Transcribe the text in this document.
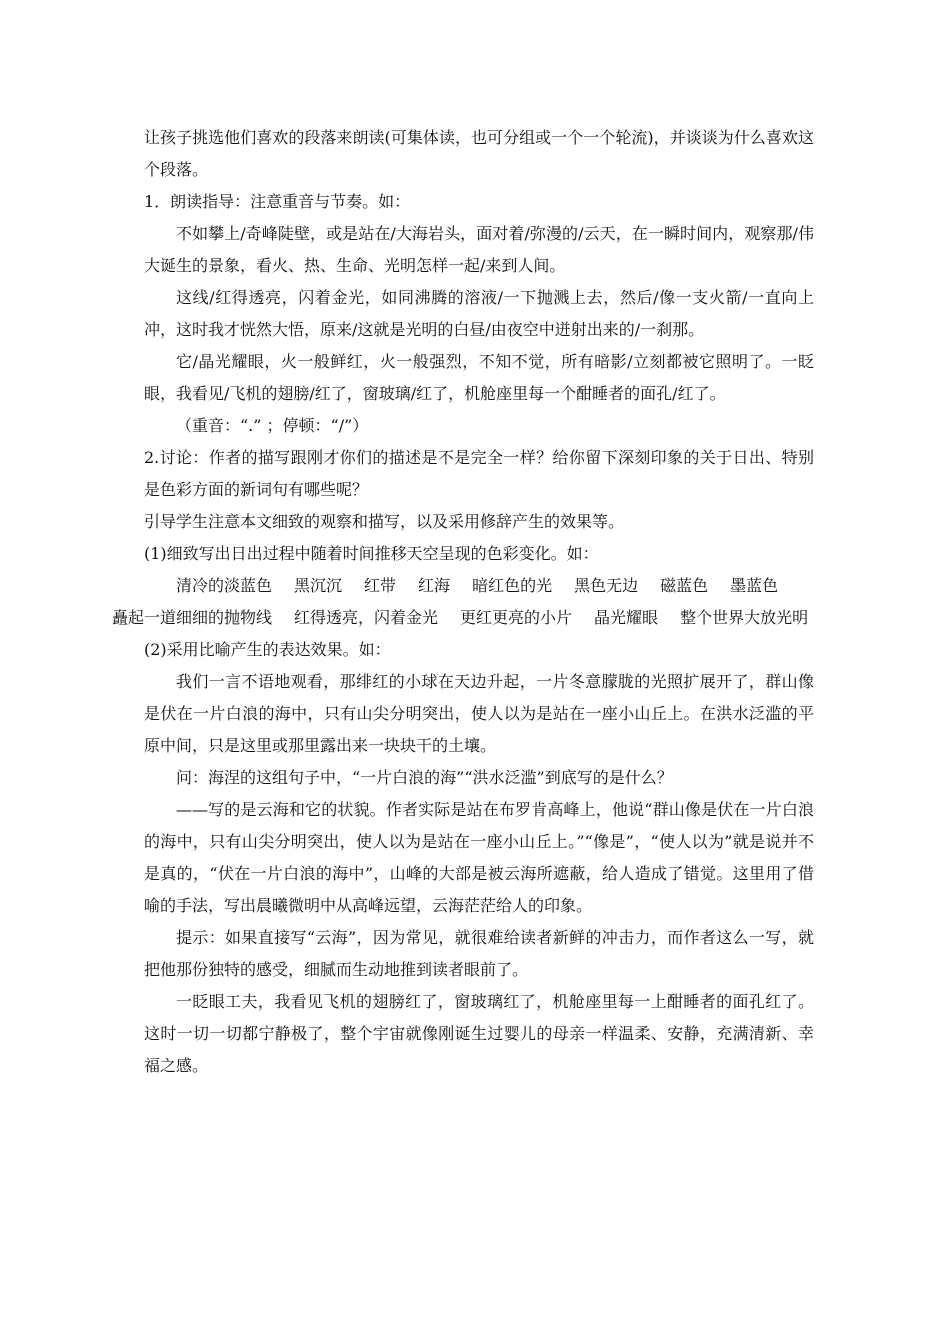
让孩子挑选他们喜欢的段落来朗读(可集体读，也可分组或一个一个轮流)，并谈谈为什么喜欢这个段落。

1．朗读指导：注意重音与节奏。如：

不如攀上/奇峰陡壁，或是站在/大海岩头，面对着/弥漫的/云天，在一瞬时间内，观察那/伟大诞生的景象，看火、热、生命、光明怎样一起/来到人间。

这线/红得透亮，闪着金光，如同沸腾的溶液/一下抛溅上去，然后/像一支火箭/一直向上冲，这时我才恍然大悟，原来/这就是光明的白昼/由夜空中迸射出来的/一刹那。

它/晶光耀眼，火一般鲜红，火一般强烈，不知不觉，所有暗影/立刻都被它照明了。一眨眼，我看见/飞机的翅膀/红了，窗玻璃/红了，机舱座里每一个酣睡者的面孔/红了。

（重音：“.” ；停顿：“/”）

2.讨论：作者的描写跟刚才你们的描述是不是完全一样？给你留下深刻印象的关于日出、特别是色彩方面的新词句有哪些呢？

引导学生注意本文细致的观察和描写，以及采用修辞产生的效果等。

(1)细致写出日出过程中随着时间推移天空呈现的色彩变化。如：

清冷的淡蓝色 黑沉沉 红带 红海 暗红色的光 黑色无边 磁蓝色 墨蓝色
矗起一道细细的抛物线 红得透亮，闪着金光 更红更亮的小片 晶光耀眼 整个世界大放光明

(2)采用比喻产生的表达效果。如：

我们一言不语地观看，那绯红的小球在天边升起，一片冬意朦胧的光照扩展开了，群山像是伏在一片白浪的海中，只有山尖分明突出，使人以为是站在一座小山丘上。在洪水泛滥的平原中间，只是这里或那里露出来一块块干的土壤。

问：海涅的这组句子中，“一片白浪的海”“洪水泛滥”到底写的是什么？

——写的是云海和它的状貌。作者实际是站在布罗肯高峰上，他说“群山像是伏在一片白浪的海中，只有山尖分明突出，使人以为是站在一座小山丘上。”“像是”，“使人以为”就是说并不是真的，“伏在一片白浪的海中”，山峰的大部是被云海所遮蔽，给人造成了错觉。这里用了借喻的手法，写出晨曦微明中从高峰远望，云海茫茫给人的印象。

提示：如果直接写“云海”，因为常见，就很难给读者新鲜的冲击力，而作者这么一写，就把他那份独特的感受，细腻而生动地推到读者眼前了。

一眨眼工夫，我看见飞机的翅膀红了，窗玻璃红了，机舱座里每一上酣睡者的面孔红了。这时一切一切都宁静极了，整个宇宙就像刚诞生过婴儿的母亲一样温柔、安静，充满清新、幸福之感。
